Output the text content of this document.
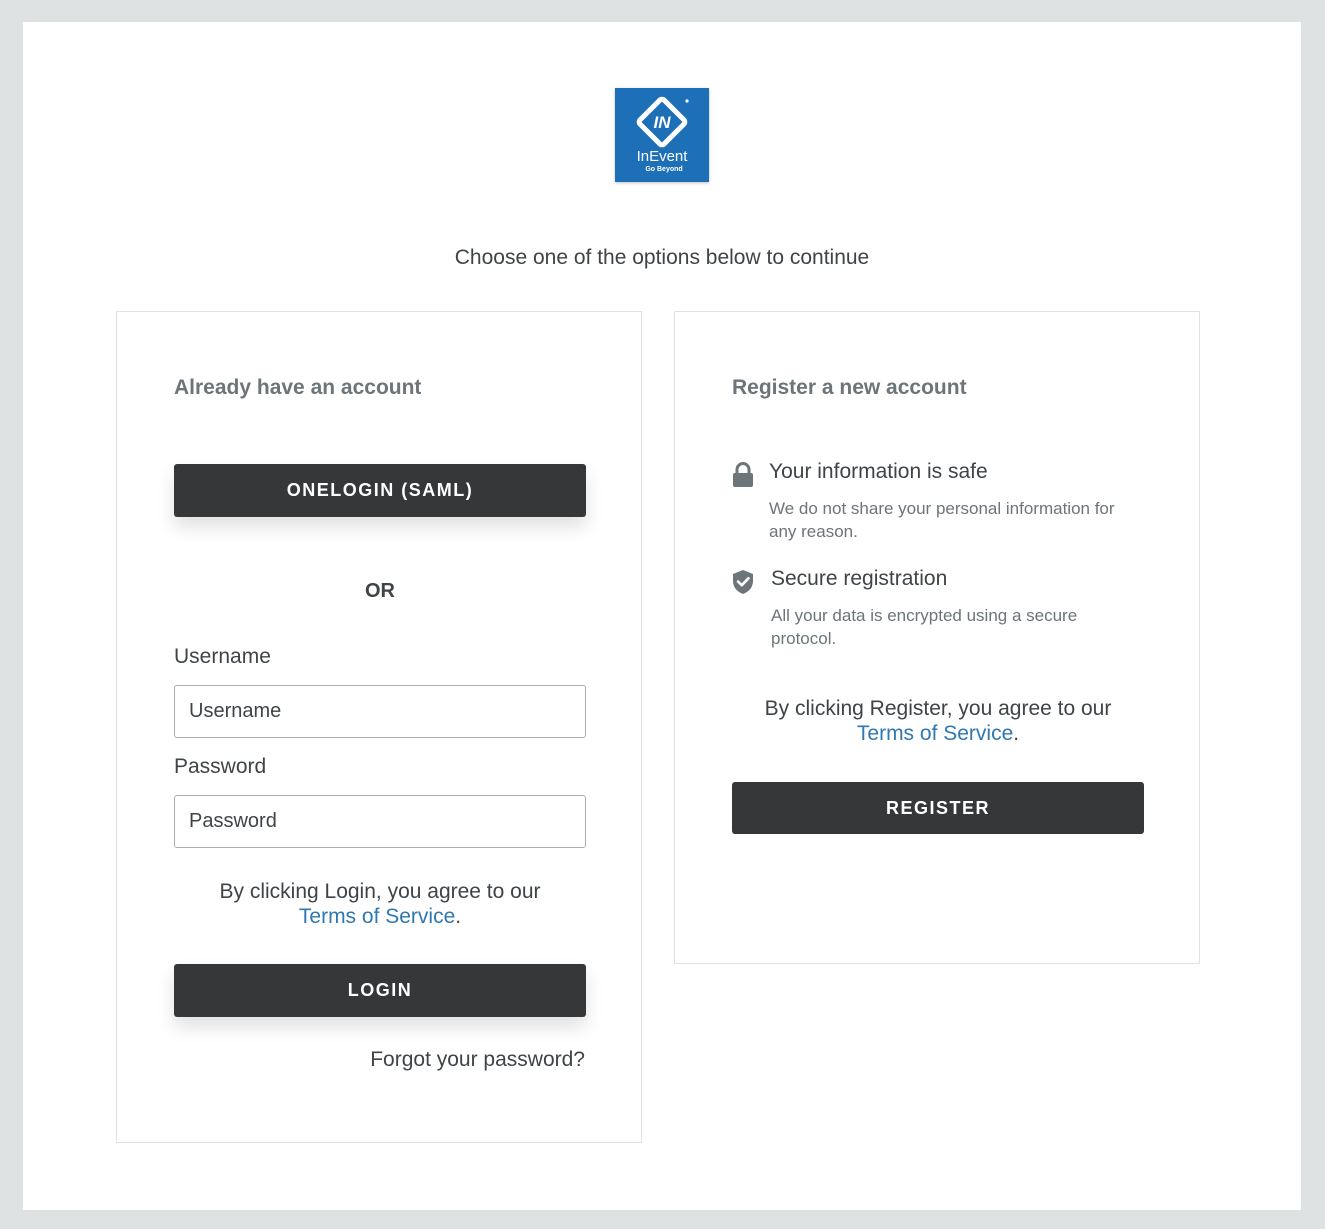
IN
InEvent
Go Beyond
Choose one of the options below to continue
Already have an account
ONELOGIN (SAML)
OR
Username
Username
Password
By clicking Login, you agree to our
Terms of Service.
LOGIN
Forgot your password?
Register a new account
Your information is safe
We do not share your personal information for any reason.
Secure registration
All your data is encrypted using a secure protocol.
By clicking Register, you agree to our
Terms of Service.
REGISTER
